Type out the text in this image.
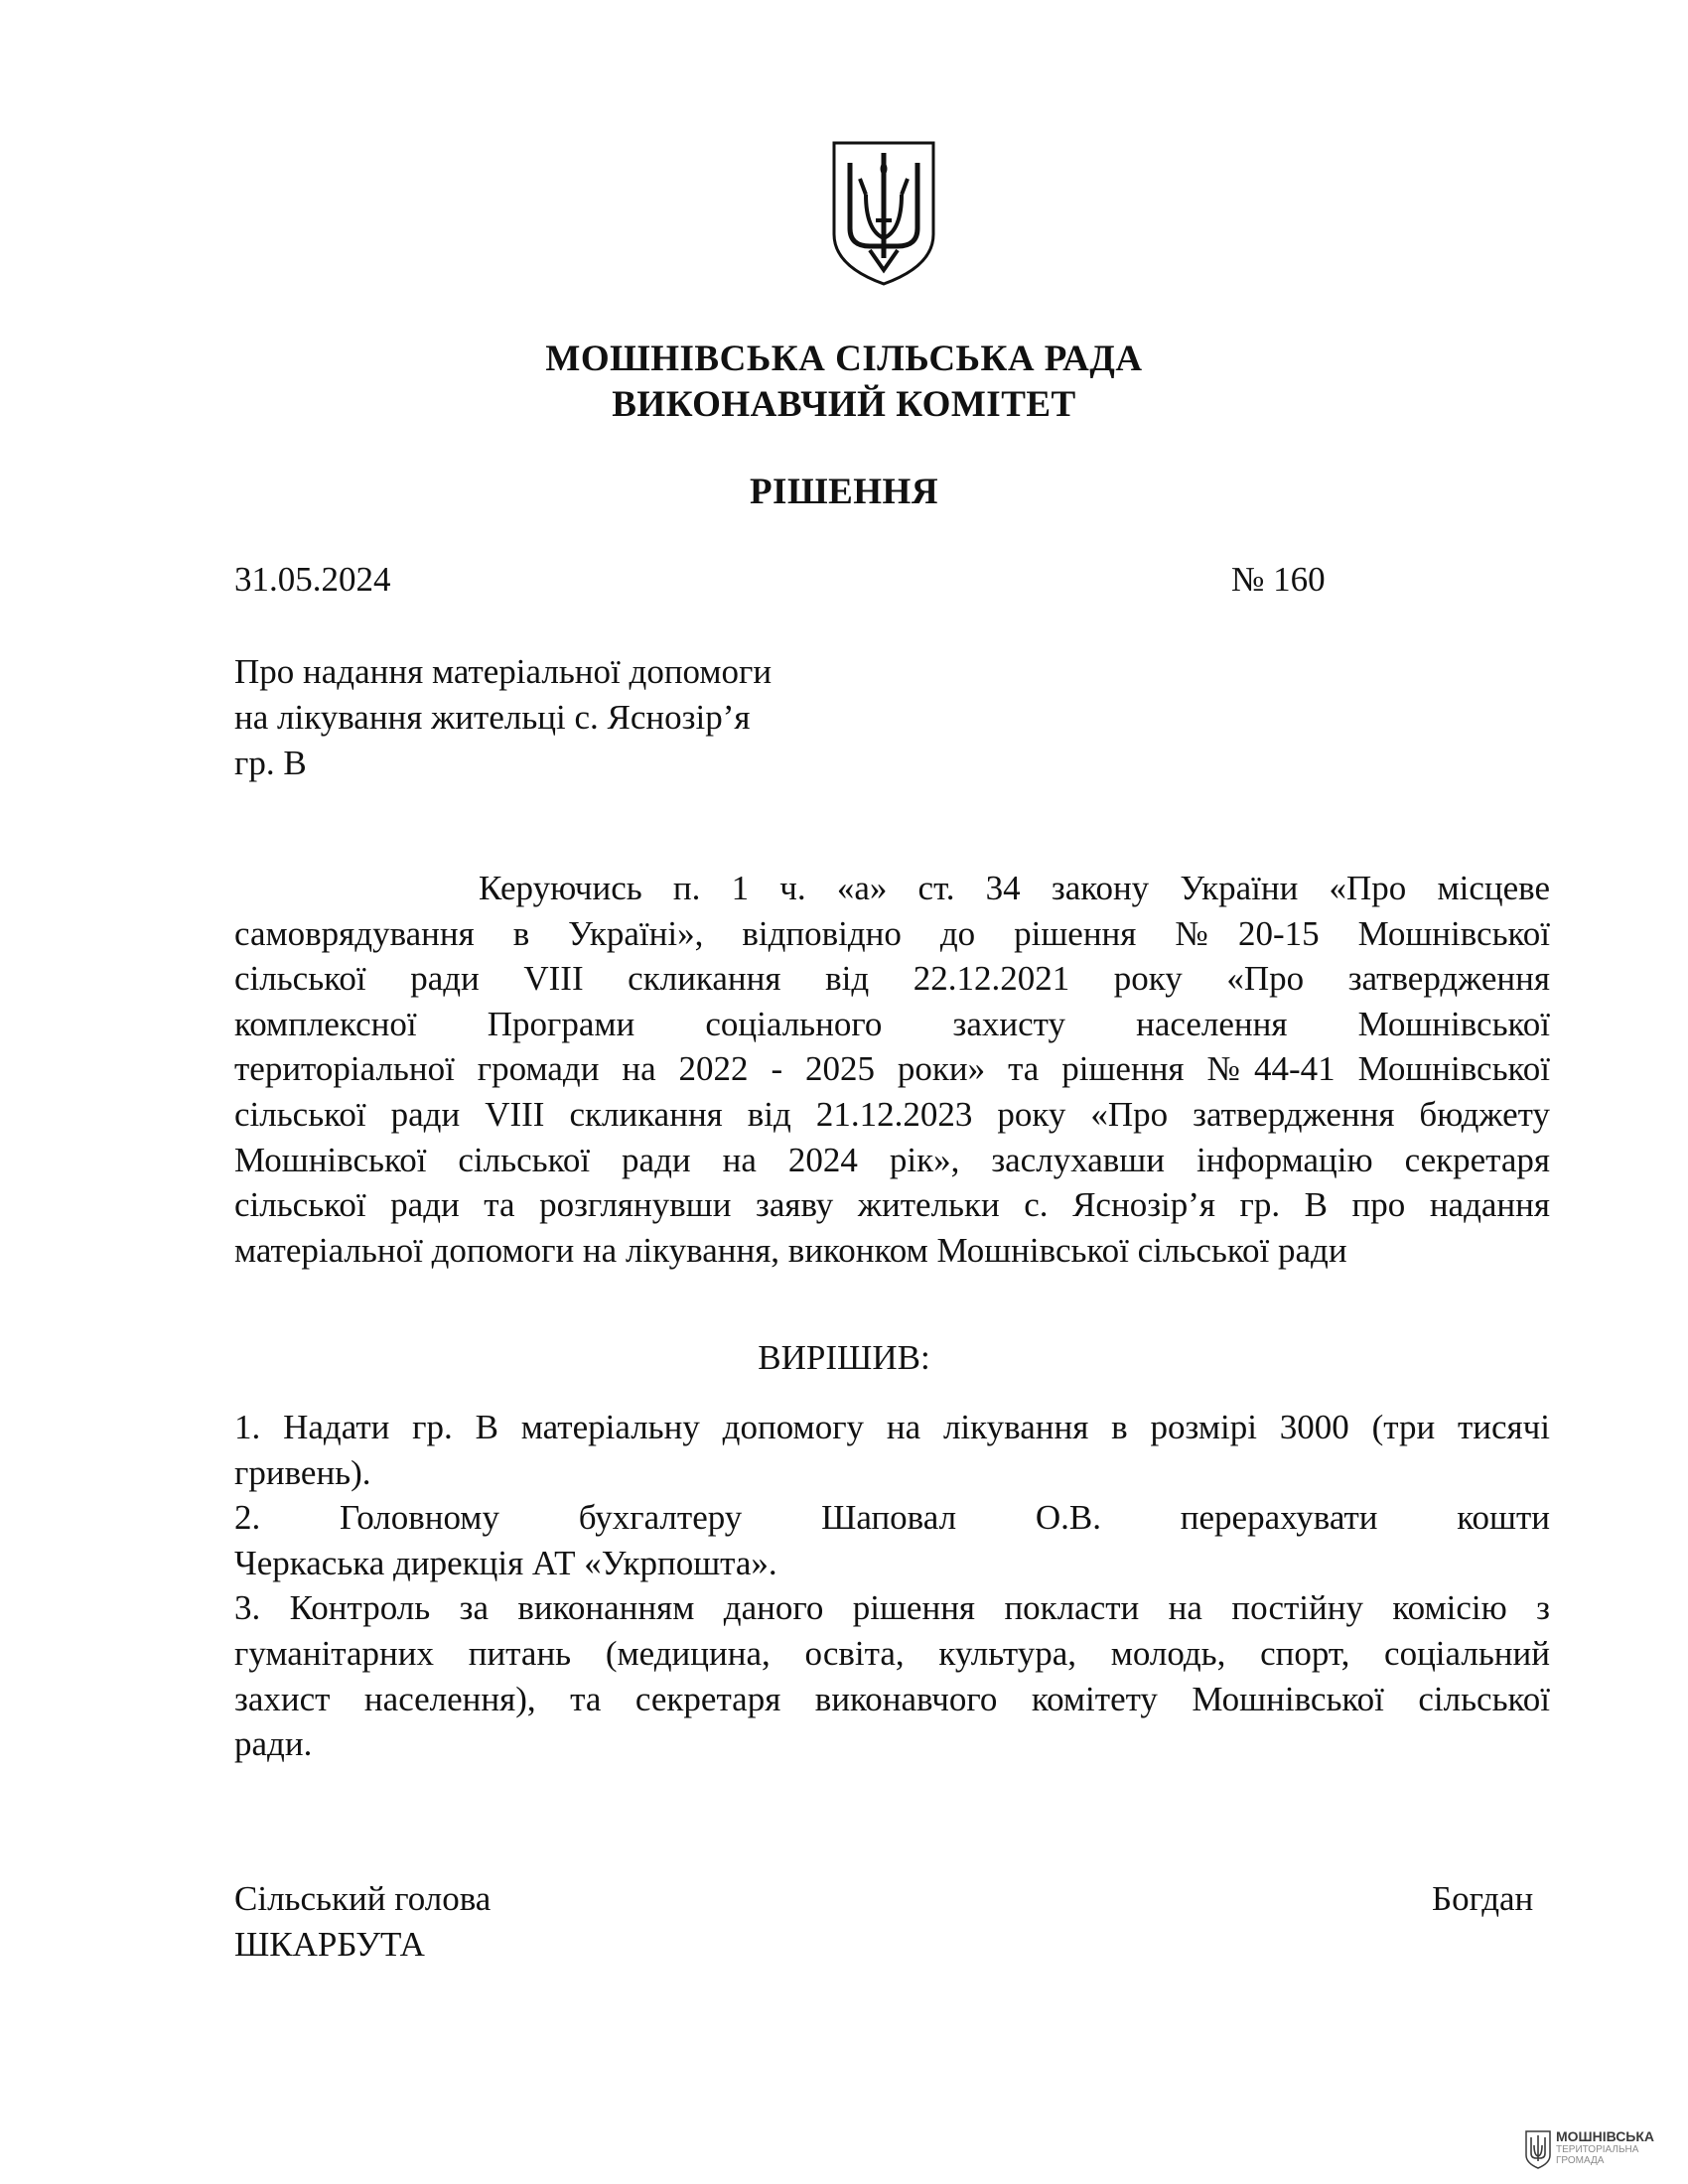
МОШНІВСЬКА СІЛЬСЬКА РАДА
ВИКОНАВЧИЙ КОМІТЕТ
РІШЕННЯ
31.05.2024	№ 160
Про надання матеріальної допомоги
на лікування жительці с. Яснозір’я
гр. В
Керуючись п. 1 ч. «а» ст. 34 закону України «Про місцеве
самоврядування в Україні», відповідно до рішення №20-15 Мошнівської
сільської ради VIII скликання від 22.12.2021 року «Про затвердження
комплексної Програми соціального захисту населення Мошнівської
територіальної громади на 2022 - 2025 роки» та рішення №44-41 Мошнівської
сільської ради VIII скликання від 21.12.2023 року «Про затвердження бюджету
Мошнівської сільської ради на 2024 рік», заслухавши інформацію секретаря
сільської ради та розглянувши заяву жительки с. Яснозір’я гр. В про надання
матеріальної допомоги на лікування, виконком Мошнівської сільської ради
ВИРІШИВ:
1. Надати гр. В матеріальну допомогу на лікування в розмірі 3000 (три тисячі
гривень).
2. Головному бухгалтеру Шаповал О.В. перерахувати кошти
Черкаська дирекція АТ «Укрпошта».
3. Контроль за виконанням даного рішення покласти на постійну комісію з
гуманітарних питань (медицина, освіта, культура, молодь, спорт, соціальний
захист населення), та секретаря виконавчого комітету Мошнівської сільської
ради.
Сільський голова	Богдан
ШКАРБУТА
МОШНІВСЬКА
ТЕРИТОРІАЛЬНА
ГРОМАДА
